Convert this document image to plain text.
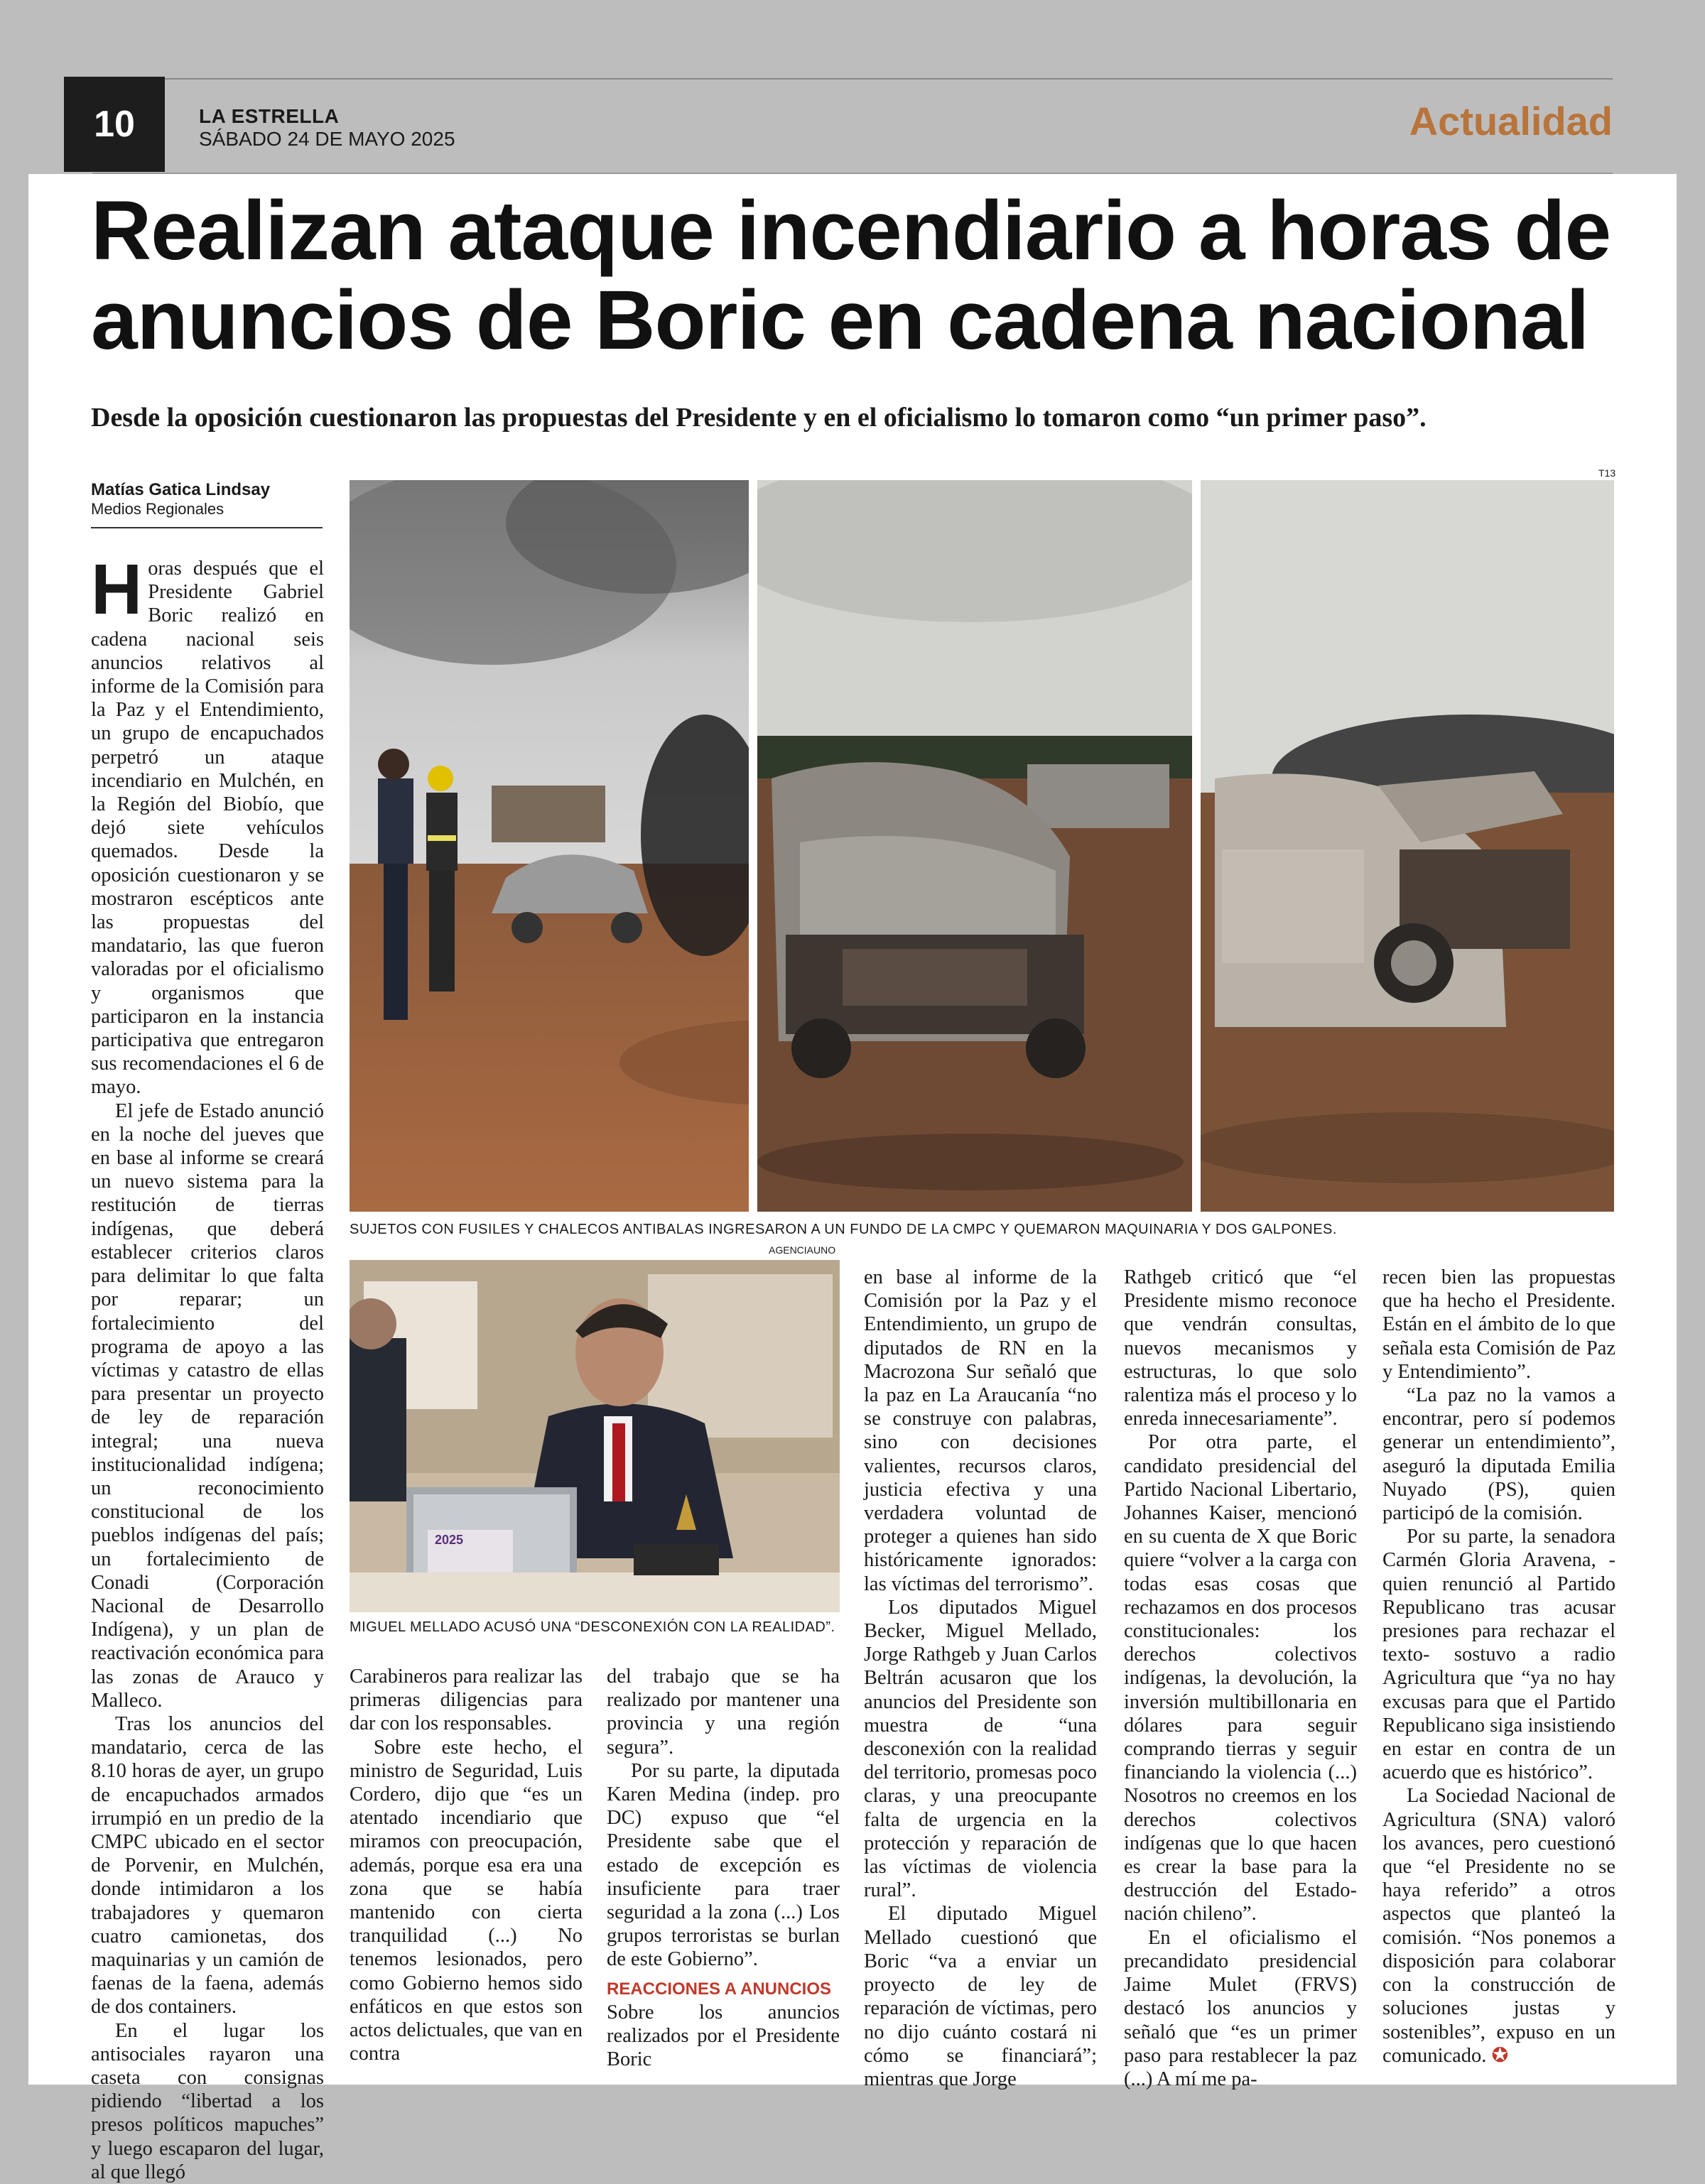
10	LA ESTRELLA
SÁBADO 24 DE MAYO 2025	Actualidad
Realizan ataque incendiario a horas de anuncios de Boric en cadena nacional
Desde la oposición cuestionaron las propuestas del Presidente y en el oficialismo lo tomaron como “un primer paso”.
Matías Gatica Lindsay
Medios Regionales
T13
SUJETOS CON FUSILES Y CHALECOS ANTIBALAS INGRESARON A UN FUNDO DE LA CMPC Y QUEMARON MAQUINARIA Y DOS GALPONES.
AGENCIAUNO
2025
MIGUEL MELLADO ACUSÓ UNA “DESCONEXIÓN CON LA REALIDAD”.

Horas después que el Presidente Gabriel Boric realizó en cadena nacional seis anuncios relativos al informe de la Comisión para la Paz y el Entendimiento, un grupo de encapuchados perpetró un ataque incendiario en Mulchén, en la Región del Biobío, que dejó siete vehículos quemados. Desde la oposición cuestionaron y se mostraron escépticos ante las propuestas del mandatario, las que fueron valoradas por el oficialismo y organismos que participaron en la instancia participativa que entregaron sus recomendaciones el 6 de mayo.

El jefe de Estado anunció en la noche del jueves que en base al informe se creará un nuevo sistema para la restitución de tierras indígenas, que deberá establecer criterios claros para delimitar lo que falta por reparar; un fortalecimiento del programa de apoyo a las víctimas y catastro de ellas para presentar un proyecto de ley de reparación integral; una nueva institucionalidad indígena; un reconocimiento constitucional de los pueblos indígenas del país; un fortalecimiento de Conadi (Corporación Nacional de Desarrollo Indígena), y un plan de reactivación económica para las zonas de Arauco y Malleco.

Tras los anuncios del mandatario, cerca de las 8.10 horas de ayer, un grupo de encapuchados armados irrumpió en un predio de la CMPC ubicado en el sector de Porvenir, en Mulchén, donde intimidaron a los trabajadores y quemaron cuatro camionetas, dos maquinarias y un camión de faenas de la faena, además de dos containers.

En el lugar los antisociales rayaron una caseta con consignas pidiendo “libertad a los presos políticos mapuches” y luego escaparon del lugar, al que llegó

Carabineros para realizar las primeras diligencias para dar con los responsables.

Sobre este hecho, el ministro de Seguridad, Luis Cordero, dijo que “es un atentado incendiario que miramos con preocupación, además, porque esa era una zona que se había mantenido con cierta tranquilidad (...) No tenemos lesionados, pero como Gobierno hemos sido enfáticos en que estos son actos delictuales, que van en contra

del trabajo que se ha realizado por mantener una provincia y una región segura”.

Por su parte, la diputada Karen Medina (indep. pro DC) expuso que “el Presidente sabe que el estado de excepción es insuficiente para traer seguridad a la zona (...) Los grupos terroristas se burlan de este Gobierno”.

REACCIONES A ANUNCIOS

Sobre los anuncios realizados por el Presidente Boric

en base al informe de la Comisión por la Paz y el Entendimiento, un grupo de diputados de RN en la Macrozona Sur señaló que la paz en La Araucanía “no se construye con palabras, sino con decisiones valientes, recursos claros, justicia efectiva y una verdadera voluntad de proteger a quienes han sido históricamente ignorados: las víctimas del terrorismo”.

Los diputados Miguel Becker, Miguel Mellado, Jorge Rathgeb y Juan Carlos Beltrán acusaron que los anuncios del Presidente son muestra de “una desconexión con la realidad del territorio, promesas poco claras, y una preocupante falta de urgencia en la protección y reparación de las víctimas de violencia rural”.

El diputado Miguel Mellado cuestionó que Boric “va a enviar un proyecto de ley de reparación de víctimas, pero no dijo cuánto costará ni cómo se financiará”; mientras que Jorge

Rathgeb criticó que “el Presidente mismo reconoce que vendrán consultas, nuevos mecanismos y estructuras, lo que solo ralentiza más el proceso y lo enreda innecesariamente”.

Por otra parte, el candidato presidencial del Partido Nacional Libertario, Johannes Kaiser, mencionó en su cuenta de X que Boric quiere “volver a la carga con todas esas cosas que rechazamos en dos procesos constitucionales: los derechos colectivos indígenas, la devolución, la inversión multibillonaria en dólares para seguir comprando tierras y seguir financiando la violencia (...) Nosotros no creemos en los derechos colectivos indígenas que lo que hacen es crear la base para la destrucción del Estado-nación chileno”.

En el oficialismo el precandidato presidencial Jaime Mulet (FRVS) destacó los anuncios y señaló que “es un primer paso para restablecer la paz (...) A mí me pa-

recen bien las propuestas que ha hecho el Presidente. Están en el ámbito de lo que señala esta Comisión de Paz y Entendimiento”.

“La paz no la vamos a encontrar, pero sí podemos generar un entendimiento”, aseguró la diputada Emilia Nuyado (PS), quien participó de la comisión.

Por su parte, la senadora Carmén Gloria Aravena, - quien renunció al Partido Republicano tras acusar presiones para rechazar el texto- sostuvo a radio Agricultura que “ya no hay excusas para que el Partido Republicano siga insistiendo en estar en contra de un acuerdo que es histórico”.

La Sociedad Nacional de Agricultura (SNA) valoró los avances, pero cuestionó que “el Presidente no se haya referido” a otros aspectos que planteó la comisión. “Nos ponemos a disposición para colaborar con la construcción de soluciones justas y sostenibles”, expuso en un comunicado. ✪
